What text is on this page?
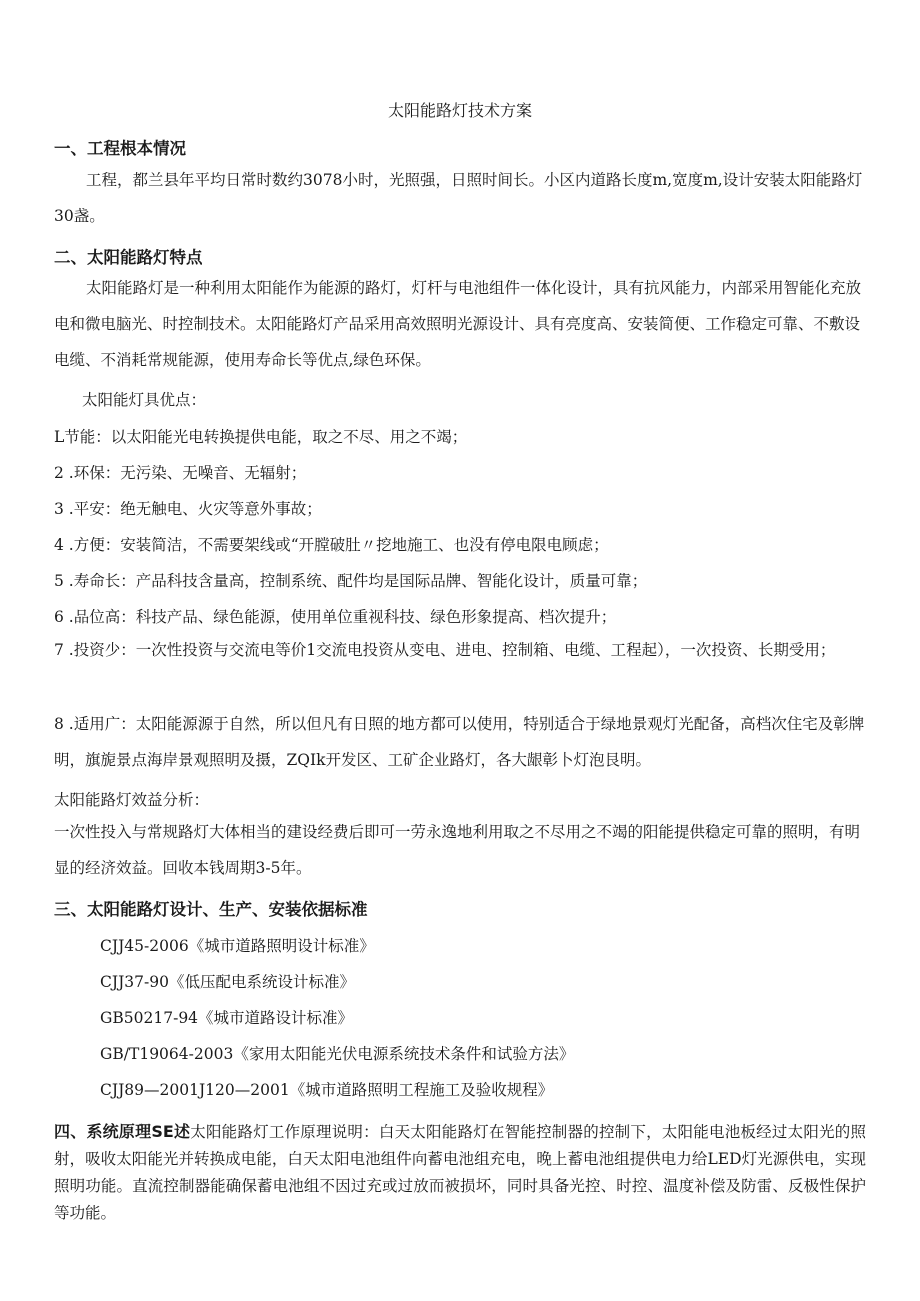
太阳能路灯技术方案
一、工程根本情况
工程，都兰县年平均日常时数约3078小时，光照强，日照时间长。小区内道路长度m,宽度m,设计安装太阳能路灯30盏。
二、太阳能路灯特点
太阳能路灯是一种利用太阳能作为能源的路灯，灯杆与电池组件一体化设计，具有抗风能力，内部采用智能化充放电和微电脑光、时控制技术。太阳能路灯产品采用高效照明光源设计、具有亮度高、安装简便、工作稳定可靠、不敷设电缆、不消耗常规能源，使用寿命长等优点,绿色环保。
太阳能灯具优点：
L节能：以太阳能光电转换提供电能，取之不尽、用之不竭；
2 .环保：无污染、无噪音、无辐射；
3 .平安：绝无触电、火灾等意外事故；
4 .方便：安装简洁，不需要架线或“开膛破肚〃挖地施工、也没有停电限电顾虑；
5 .寿命长：产品科技含量高，控制系统、配件均是国际品牌、智能化设计，质量可靠；
6 .品位高：科技产品、绿色能源，使用单位重视科技、绿色形象提高、档次提升；
7 .投资少：一次性投资与交流电等价1交流电投资从变电、进电、控制箱、电缆、工程起），一次投资、长期受用；
8 .适用广：太阳能源源于自然，所以但凡有日照的地方都可以使用，特别适合于绿地景观灯光配备，高档次住宅及彰牌明，旗旎景点海岸景观照明及摄，ZQIk开发区、工矿企业路灯，各大龈彰卜灯泡艮明。
太阳能路灯效益分析：
一次性投入与常规路灯大体相当的建设经费后即可一劳永逸地利用取之不尽用之不竭的阳能提供稳定可靠的照明，有明显的经济效益。回收本钱周期3-5年。
三、太阳能路灯设计、生产、安装依据标准
CJJ45-2006《城市道路照明设计标准》
CJJ37-90《低压配电系统设计标准》
GB50217-94《城市道路设计标准》
GB/T19064-2003《家用太阳能光伏电源系统技术条件和试验方法》
CJJ89—2001J120—2001《城市道路照明工程施工及验收规程》
四、系统原理SE述太阳能路灯工作原理说明：白天太阳能路灯在智能控制器的控制下，太阳能电池板经过太阳光的照射，吸收太阳能光并转换成电能，白天太阳电池组件向蓄电池组充电，晚上蓄电池组提供电力给LED灯光源供电，实现照明功能。直流控制器能确保蓄电池组不因过充或过放而被损坏，同时具备光控、时控、温度补偿及防雷、反极性保护等功能。
